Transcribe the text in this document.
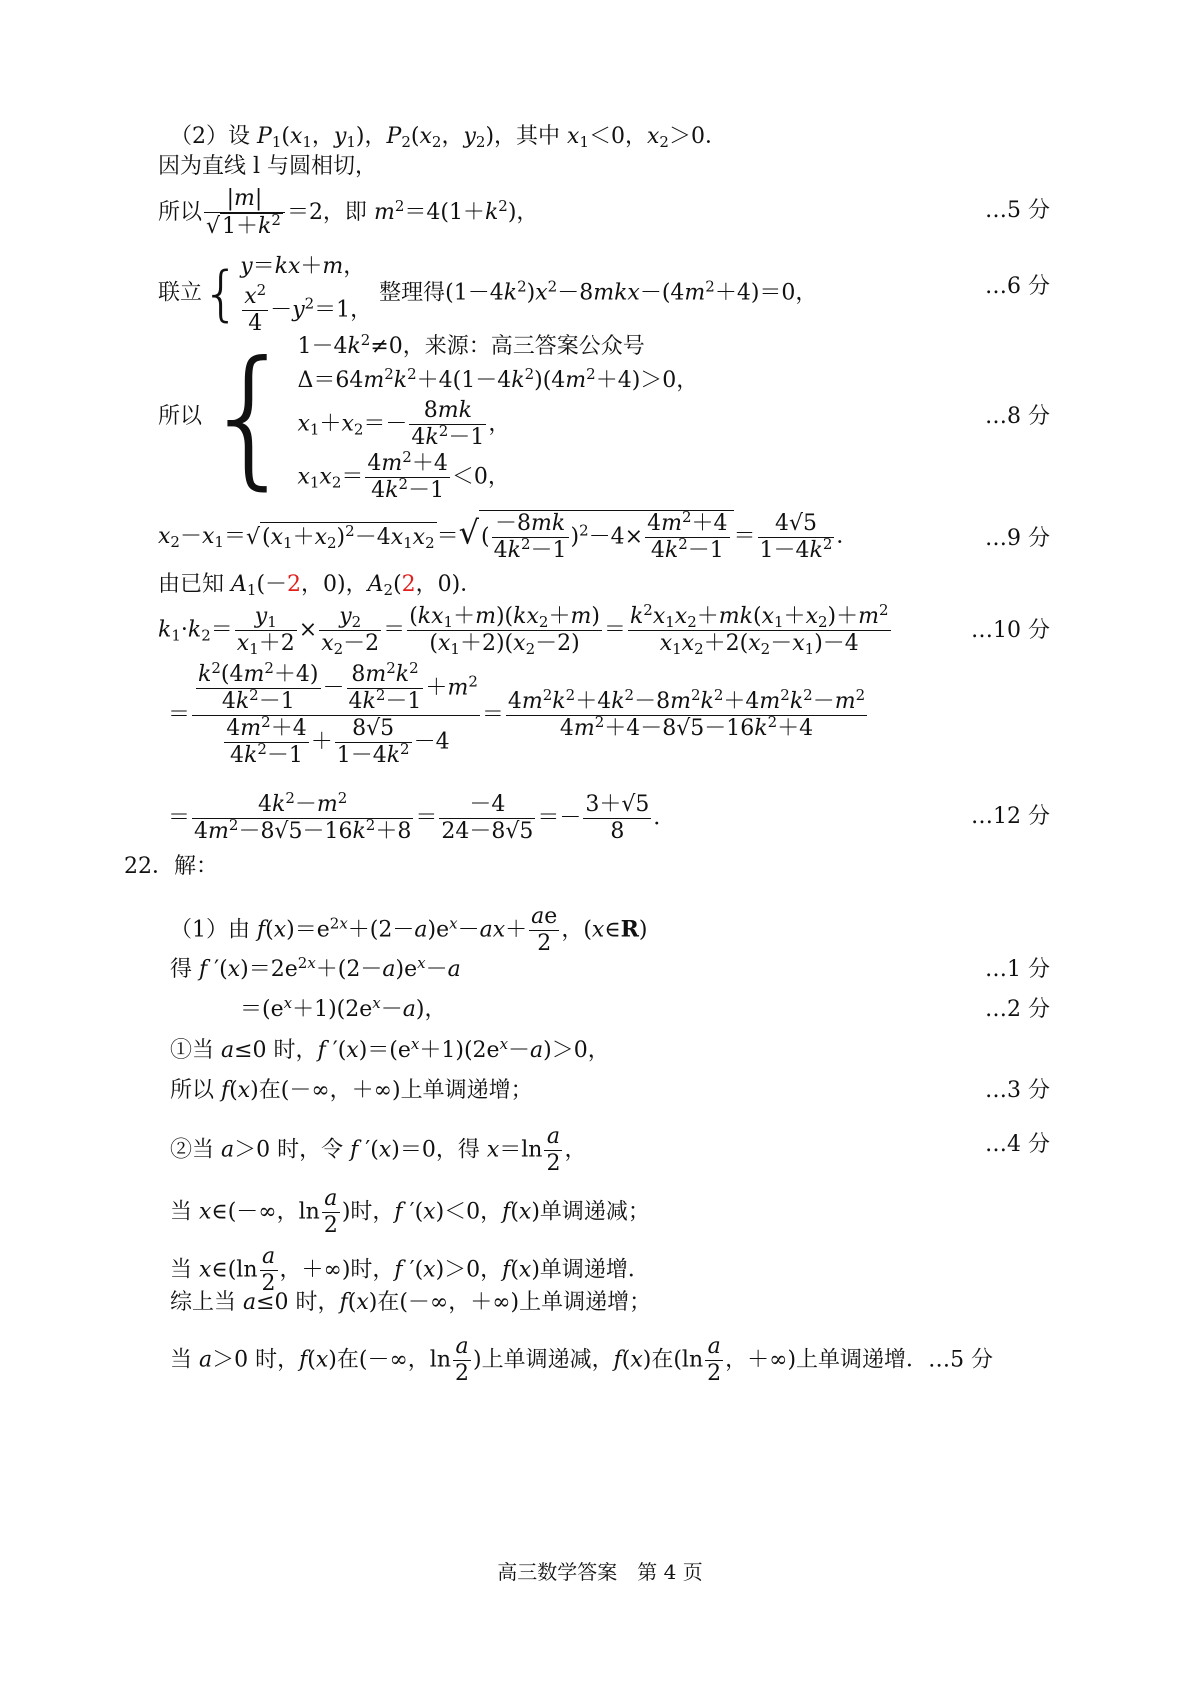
（2）设 $P_1(x_1$，$y_1$)，$P_2(x_2$，$y_2$)，其中 $x_1<0$，$x_2>0$．
因为直线 l 与圆相切，
所以 $\frac{|m|}{√1+k^2} =2$，即 $m^2=4(1+k^2)$，	…5 分
联立{ y＝kx＋m，
$\frac{x^2}{4} -y^2=1$，
整理得$(1-4k^2)x^2-8mkx-(4m^2+4)=0$，	…6 分
所以{ $1-4k^2\ne 0$，来源：高三答案公众号
$\Delta=64m^2k^2+4(1-4k^2)(4m^2+4)>0$，
$x_1+x_2=- \frac{8mk}{4k^2-1}$ ，
$x_1x_2= \frac{4m^2+4}{4k^2-1} <0$，
…8 分
$x_2-x_1=√(x_1+x_2)^2-4x_1x_2=√( \frac{-8mk}{4k^2-1} )^2-4\times \frac{4m^2+4}{4k^2-1} = \frac{4√5}{1-4k^2}$ ．	…9 分
由已知 $A_1(-2$，0)，$A_2(2$，0)．
$k_1\cdot k_2= \frac{y_1}{x_1+2} \times \frac{y_2}{x_2-2} = \frac{(kx_1+m)(kx_2+m)}{(x_1+2)(x_2-2)} = \frac{k^2x_1x_2+mk(x_1+x_2)+m^2}{x_1x_2+2(x_2-x_1)-4}$	…10 分
＝ $\frac{\frac{k^2(4m^2+4)}{4k^2-1} - \frac{8m^2k^2}{4k^2-1} +m^2}{\frac{4m^2+4}{4k^2-1} + \frac{8√5}{1-4k^2} -4} = \frac{4m^2k^2+4k^2-8m^2k^2+4m^2k^2-m^2}{4m^2+4-8√5-16k^2+4}$
＝ $\frac{4k^2-m^2}{4m^2-8√5-16k^2+8} = \frac{-4}{24-8√5} =- \frac{3+√5}{8}$ ．	…12 分
22．解：
（1）由 $f(x)=e^{2x}+(2-a)e^x-ax+ \frac{ae}{2}$ ，(x∈R)
得 f $'(x)=2e^{2x}+(2-a)e^x-a$	…1 分
$=(e^x+1)(2e^x-a)$，	…2 分
①当 a≤0 时，f $'(x)=(e^x+1)(2e^x-a)>0$，
所以 f(x)在(－∞，＋∞)上单调递增；	…3 分
②当 a＞0 时，令 f ′(x)＝0，得 $x=\ln \frac{a}{2}$ ，	…4 分
当 x∈(－∞，$\ln \frac{a}{2}$ )时，f ′(x)＜0，f(x)单调递减；
当 x∈(ln $\frac{a}{2}$ ，＋∞)时，f ′(x)＞0，f(x)单调递增．
综上当 a≤0 时，f(x)在(－∞，＋∞)上单调递增；
当 a＞0 时，f(x)在(－∞，$\ln \frac{a}{2}$ )上单调递减，f(x)在($\ln \frac{a}{2}$ ，＋∞)上单调递增．…5 分
高三数学答案　第 4 页
